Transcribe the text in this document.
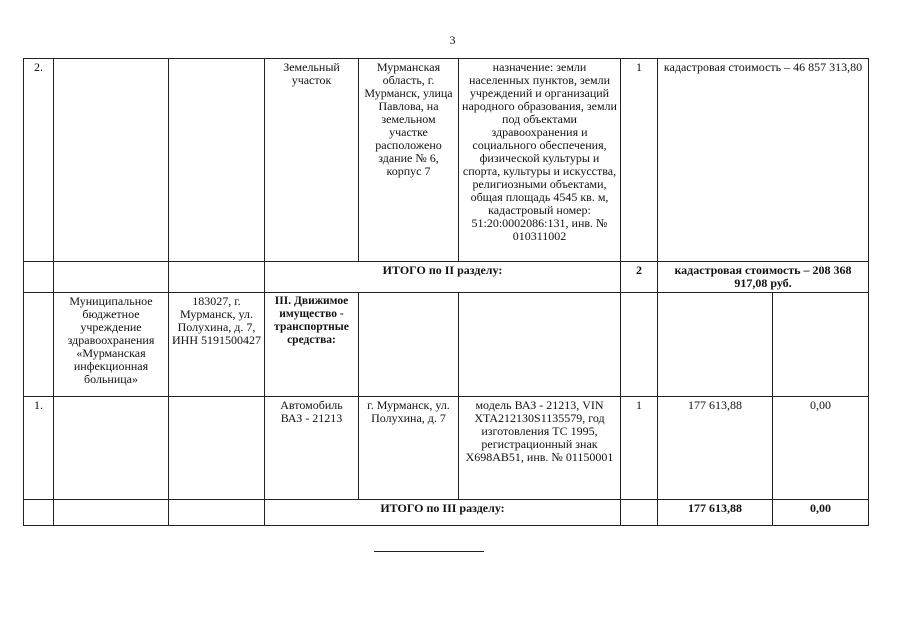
3
2.			Земельный участок	Мурманская область, г. Мурманск, улица Павлова, на земельном участке расположено здание № 6, корпус 7	назначение: земли населенных пунктов, земли учреждений и организаций народного образования, земли под объектами здравоохранения и социального обеспечения, физической культуры и спорта, культуры и искусства, религиозными объектами, общая площадь 4545 кв. м, кадастровый номер: 51:20:0002086:131, инв. № 010311002	1	кадастровая стоимость – 46 857 313,80	
			ИТОГО по II разделу:			2	кадастровая стоимость – 208 368 917,08 руб.	
	Муниципальное бюджетное учреждение здравоохранения «Мурманская инфекционная больница»	183027, г. Мурманск, ул. Полухина, д. 7, ИНН 5191500427	III. Движимое имущество - транспортные средства:					
1.			Автомобиль ВАЗ - 21213	г. Мурманск, ул. Полухина, д. 7	модель ВАЗ - 21213, VIN XTA212130S1135579, год изготовления ТС 1995, регистрационный знак Х698АВ51, инв. № 01150001	1	177 613,88	0,00
			ИТОГО по III разделу:				177 613,88	0,00
